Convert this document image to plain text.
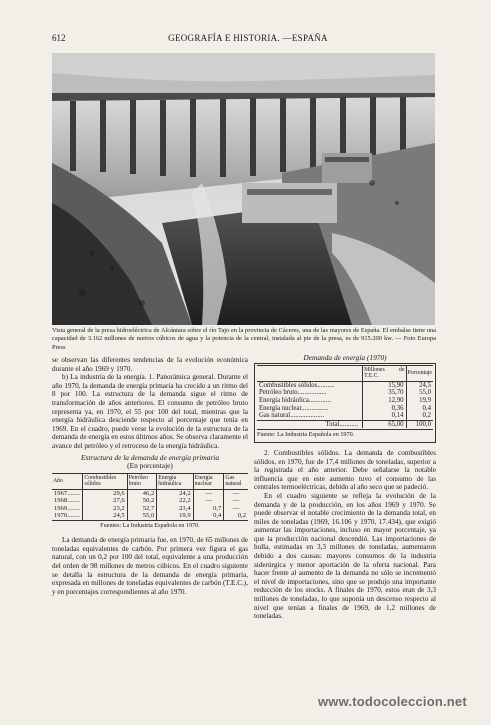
612	GEOGRAFÍA E HISTORIA. —ESPAÑA
Vista general de la presa hidroeléctrica de Alcántara sobre el río Tajo en la provincia de Cáceres, una de las mayores de España. El embalse tiene una capacidad de 3.162 millones de metros cúbicos de agua y la potencia de la central, instalada al pie de la presa, es de 915.200 kw. — Foto Europa Press

se observan las diferentes tendencias de la evolución económica durante el año 1969 y 1970.

b) La industria de la energía. 1. Panorámica general. Durante el año 1970, la demanda de energía primaria ha crecido a un ritmo del 8 por 100. La estructura de la demanda sigue el ritmo de transformación de años anteriores. El consumo de petróleo bruto representa ya, en 1970, el 55 por 100 del total, mientras que la energía hidráulica desciende respecto al porcentaje que tenía en 1969. En el cuadro, puede verse la evolución de la estructura de la demanda de energía en estos últimos años. Se observa claramente el avance del petróleo y el retroceso de la energía hidráulica.

Estructura de la demanda de energía primaria
(En porcentaje)
Año	Combustibles sólidos	Petróleo bruto	Energía hidráulica	Energía nuclear	Gas natural
1967........	29,6	46,2	24,2	—	—
1968........	27,6	50,2	22,2	—	—
1969........	23,2	52,7	23,4	0,7	—
1970........	24,5	55,0	19,9	0,4	0,2
Fuentes: La Industria Española en 1970.

La demanda de energía primaria fue, en 1970, de 65 millones de toneladas equivalentes de carbón. Por primera vez figura el gas natural, con un 0,2 por 100 del total, equivalente a una producción del orden de 98 millones de metros cúbicos. En el cuadro siguiente se detalla la estructura de la demanda de energía primaria, expresada en millones de toneladas equivalentes de carbón (T.E.C.), y en porcentajes correspondientes al año 1970.

Demanda de energía (1970)
	Millones de T.E.C.	Porcentaje
Combustibles sólidos..........	15,90	24,5
Petróleo bruto.................	35,70	55,0
Energía hidráulica.............	12,90	19,9
Energía nuclear................	0,36	0,4
Gas natural....................	0,14	0,2
Total...........	65,00	100,0
Fuente: La Industria Española en 1970.

2. Combustibles sólidos. La demanda de combustibles sólidos, en 1970, fue de 17,4 millones de toneladas, superior a la registrada el año anterior. Debe señalarse la notable influencia que en este aumento tuvo el consumo de las centrales termoeléctricas, debido al año seco que se padeció.

En el cuadro siguiente se refleja la evolución de la demanda y de la producción, en los años 1969 y 1970. Se puede observar el notable crecimiento de la demanda total, en miles de toneladas (1969, 16.106 y 1970, 17.434), que exigió aumentar las importaciones, incluso en mayor porcentaje, ya que la producción nacional descendió. Las importaciones de hulla, estimadas en 3,3 millones de toneladas, aumentaron debido a dos causas: mayores consumos de la industria siderúrgica y menor aportación de la oferta nacional. Para hacer frente al aumento de la demanda no sólo se incrementó el nivel de importaciones, sino que se produjo una importante reducción de los stocks. A finales de 1970, estos eran de 3,3 millones de toneladas, lo que suponía un descenso respecto al nivel que tenían a finales de 1969, de 1,2 millones de toneladas.

www.todocoleccion.net
